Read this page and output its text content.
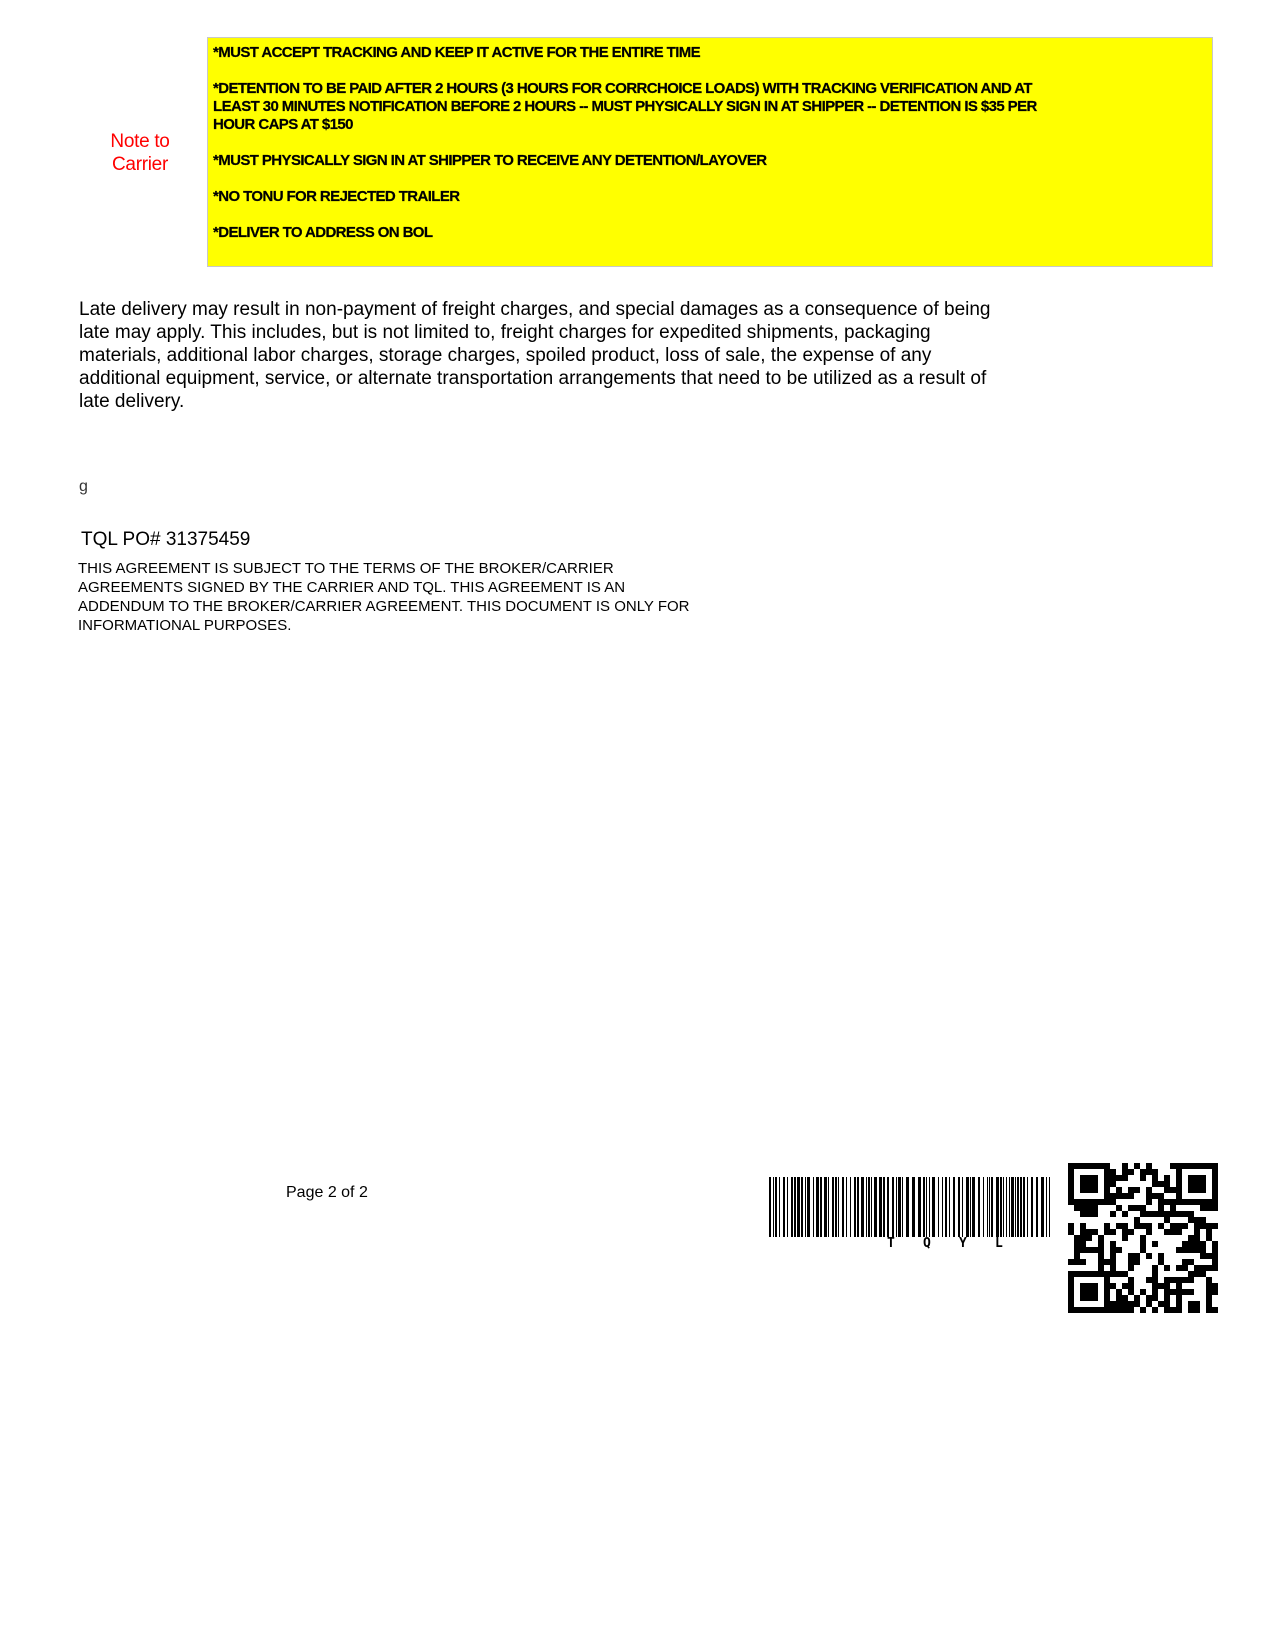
Note to
Carrier
*MUST ACCEPT TRACKING AND KEEP IT ACTIVE FOR THE ENTIRE TIME
*DETENTION TO BE PAID AFTER 2 HOURS (3 HOURS FOR CORRCHOICE LOADS) WITH TRACKING VERIFICATION AND AT
LEAST 30 MINUTES NOTIFICATION BEFORE 2 HOURS -- MUST PHYSICALLY SIGN IN AT SHIPPER -- DETENTION IS $35 PER
HOUR CAPS AT $150
*MUST PHYSICALLY SIGN IN AT SHIPPER TO RECEIVE ANY DETENTION/LAYOVER
*NO TONU FOR REJECTED TRAILER
*DELIVER TO ADDRESS ON BOL
Late delivery may result in non-payment of freight charges, and special damages as a consequence of being
late may apply. This includes, but is not limited to, freight charges for expedited shipments, packaging
materials, additional labor charges, storage charges, spoiled product, loss of sale, the expense of any
additional equipment, service, or alternate transportation arrangements that need to be utilized as a result of
late delivery.
g
TQL PO# 31375459
THIS AGREEMENT IS SUBJECT TO THE TERMS OF THE BROKER/CARRIER
AGREEMENTS SIGNED BY THE CARRIER AND TQL. THIS AGREEMENT IS AN
ADDENDUM TO THE BROKER/CARRIER AGREEMENT. THIS DOCUMENT IS ONLY FOR
INFORMATIONAL PURPOSES.
Page 2 of 2
T Q Y L
